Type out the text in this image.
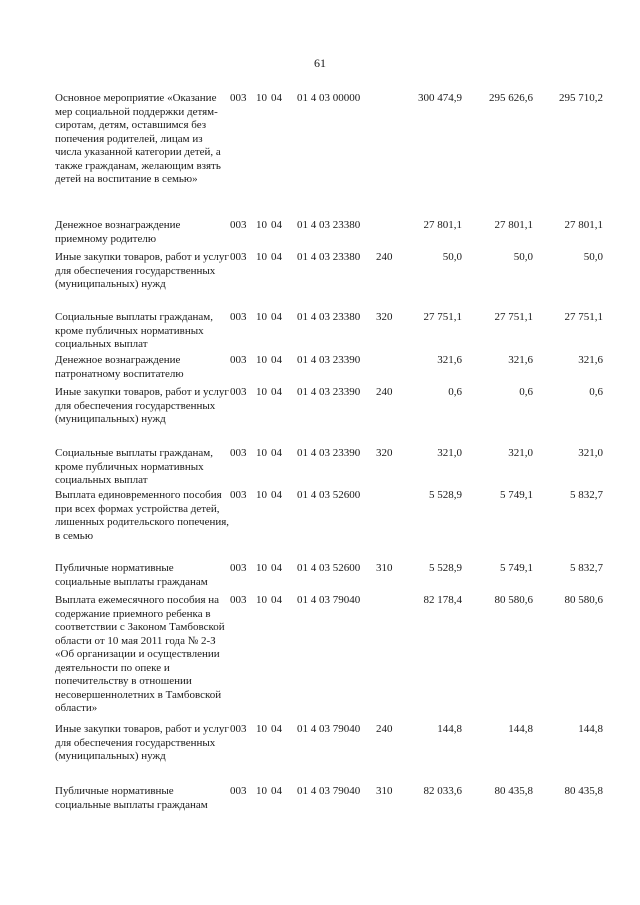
61
Основное мероприятие «Оказание мер социальной поддержки детям-сиротам, детям, оставшимся без попечения родителей, лицам из числа указанной категории детей, а также гражданам, желающим взять детей на воспитание в семью»
003 10 04	01 4 03 00000	300 474,9	295 626,6	295 710,2
Денежное вознаграждение приемному родителю
003 10 04	01 4 03 23380	27 801,1	27 801,1	27 801,1
Иные закупки товаров, работ и услуг для обеспечения государственных (муниципальных) нужд
003 10 04	01 4 03 23380	240	50,0	50,0	50,0
Социальные выплаты гражданам, кроме публичных нормативных социальных выплат
003 10 04	01 4 03 23380	320	27 751,1	27 751,1	27 751,1
Денежное вознаграждение патронатному воспитателю
003 10 04	01 4 03 23390	321,6	321,6	321,6
Иные закупки товаров, работ и услуг для обеспечения государственных (муниципальных) нужд
003 10 04	01 4 03 23390	240	0,6	0,6	0,6
Социальные выплаты гражданам, кроме публичных нормативных социальных выплат
003 10 04	01 4 03 23390	320	321,0	321,0	321,0
Выплата единовременного пособия при всех формах устройства детей, лишенных родительского попечения, в семью
003 10 04	01 4 03 52600	5 528,9	5 749,1	5 832,7
Публичные нормативные социальные выплаты гражданам
003 10 04	01 4 03 52600	310	5 528,9	5 749,1	5 832,7
Выплата ежемесячного пособия на содержание приемного ребенка в соответствии с Законом Тамбовской области от 10 мая 2011 года № 2-З «Об организации и осуществлении деятельности по опеке и попечительству в отношении несовершеннолетних в Тамбовской области»
003 10 04	01 4 03 79040	82 178,4	80 580,6	80 580,6
Иные закупки товаров, работ и услуг для обеспечения государственных (муниципальных) нужд
003 10 04	01 4 03 79040	240	144,8	144,8	144,8
Публичные нормативные социальные выплаты гражданам
003 10 04	01 4 03 79040	310	82 033,6	80 435,8	80 435,8
